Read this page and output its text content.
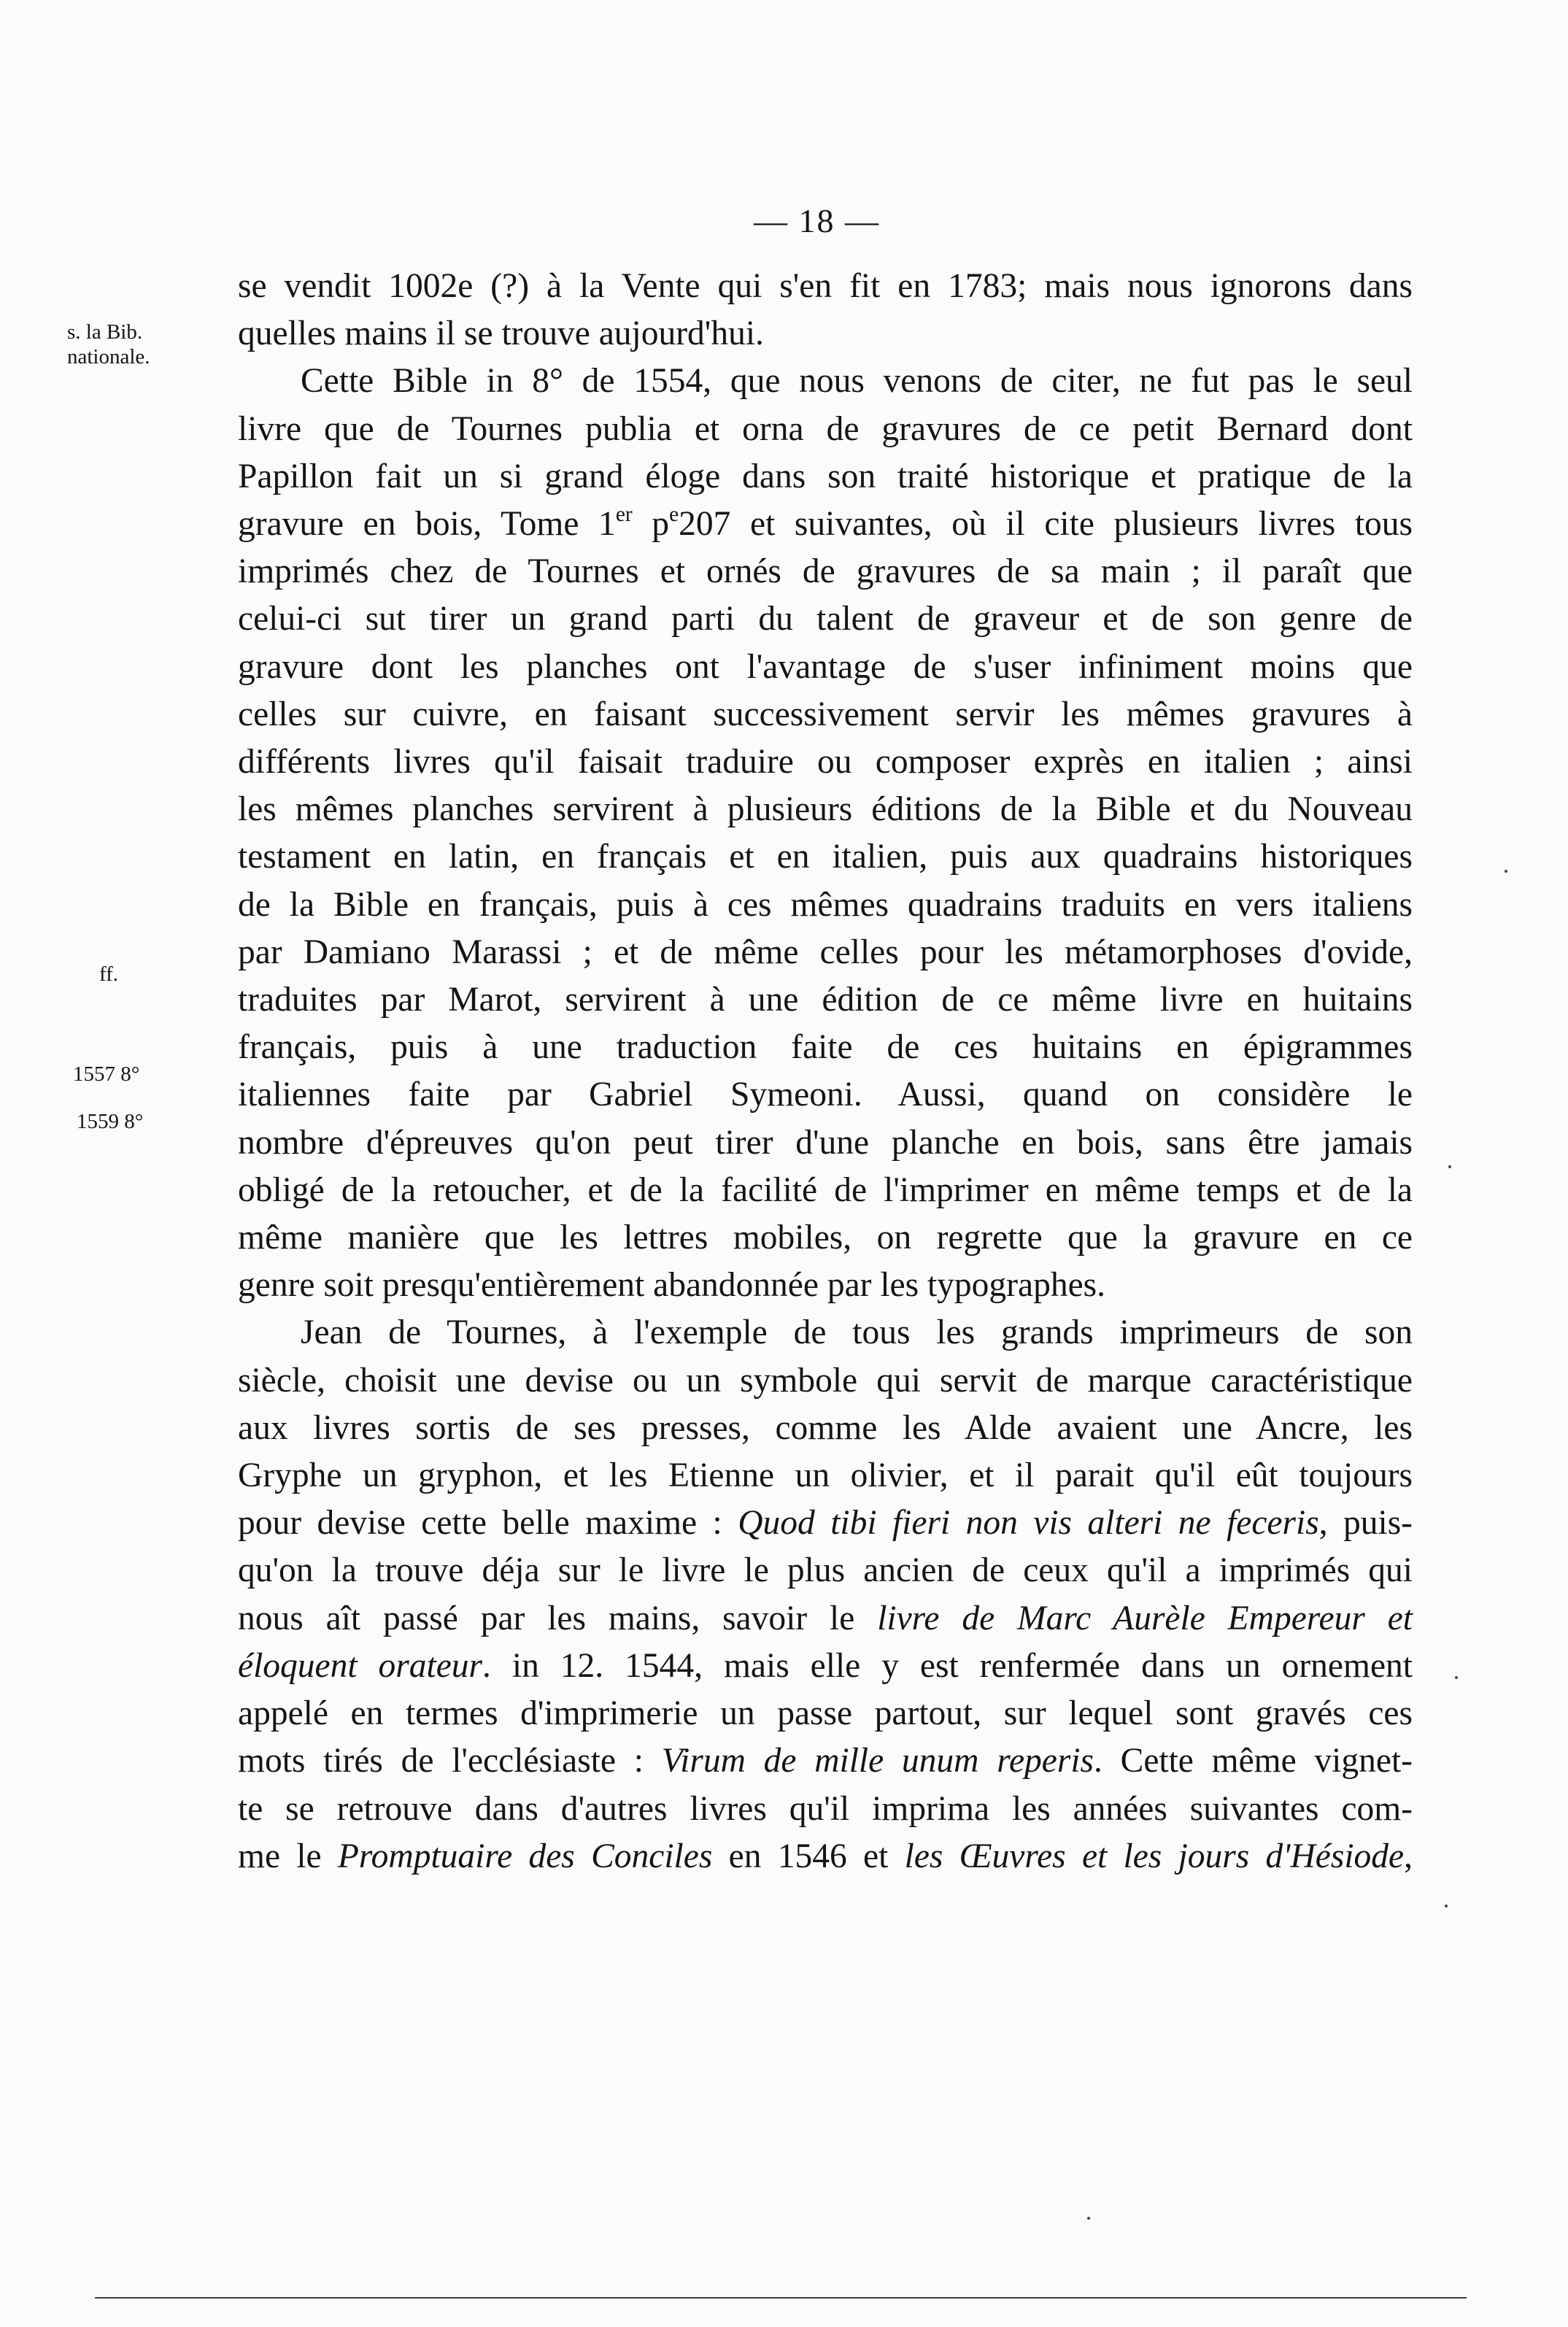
— 18 —
s. la Bib.
nationale.
ff.
1557 8°
1559 8°

se vendit 1002e (?) à la Vente qui s'en fit en 1783; mais nous ignorons dans
quelles mains il se trouve aujourd'hui.

Cette Bible in 8° de 1554, que nous venons de citer, ne fut pas le seul
livre que de Tournes publia et orna de gravures de ce petit Bernard dont
Papillon fait un si grand éloge dans son traité historique et pratique de la
gravure en bois, Tome 1er $p^e207$ et suivantes, où il cite plusieurs livres tous
imprimés chez de Tournes et ornés de gravures de sa main ; il paraît que
celui-ci sut tirer un grand parti du talent de graveur et de son genre de
gravure dont les planches ont l'avantage de s'user infiniment moins que
celles sur cuivre, en faisant successivement servir les mêmes gravures à
différents livres qu'il faisait traduire ou composer exprès en italien ; ainsi
les mêmes planches servirent à plusieurs éditions de la Bible et du Nouveau
testament en latin, en français et en italien, puis aux quadrains historiques
de la Bible en français, puis à ces mêmes quadrains traduits en vers italiens
par Damiano Marassi ; et de même celles pour les métamorphoses d'ovide,
traduites par Marot, servirent à une édition de ce même livre en huitains
français, puis à une traduction faite de ces huitains en épigrammes
italiennes faite par Gabriel Symeoni. Aussi, quand on considère le
nombre d'épreuves qu'on peut tirer d'une planche en bois, sans être jamais
obligé de la retoucher, et de la facilité de l'imprimer en même temps et de la
même manière que les lettres mobiles, on regrette que la gravure en ce
genre soit presqu'entièrement abandonnée par les typographes.

Jean de Tournes, à l'exemple de tous les grands imprimeurs de son
siècle, choisit une devise ou un symbole qui servit de marque caractéristique
aux livres sortis de ses presses, comme les Alde avaient une Ancre, les
Gryphe un gryphon, et les Etienne un olivier, et il parait qu'il eût toujours
pour devise cette belle maxime : Quod tibi fieri non vis alteri ne feceris, puis-
qu'on la trouve déja sur le livre le plus ancien de ceux qu'il a imprimés qui
nous aît passé par les mains, savoir le livre de Marc Aurèle Empereur et
éloquent orateur. in 12. 1544, mais elle y est renfermée dans un ornement
appelé en termes d'imprimerie un passe partout, sur lequel sont gravés ces
mots tirés de l'ecclésiaste : Virum de mille unum reperis. Cette même vignet-
te se retrouve dans d'autres livres qu'il imprima les années suivantes com-
me le Promptuaire des Conciles en 1546 et les Œuvres et les jours d'Hésiode,
